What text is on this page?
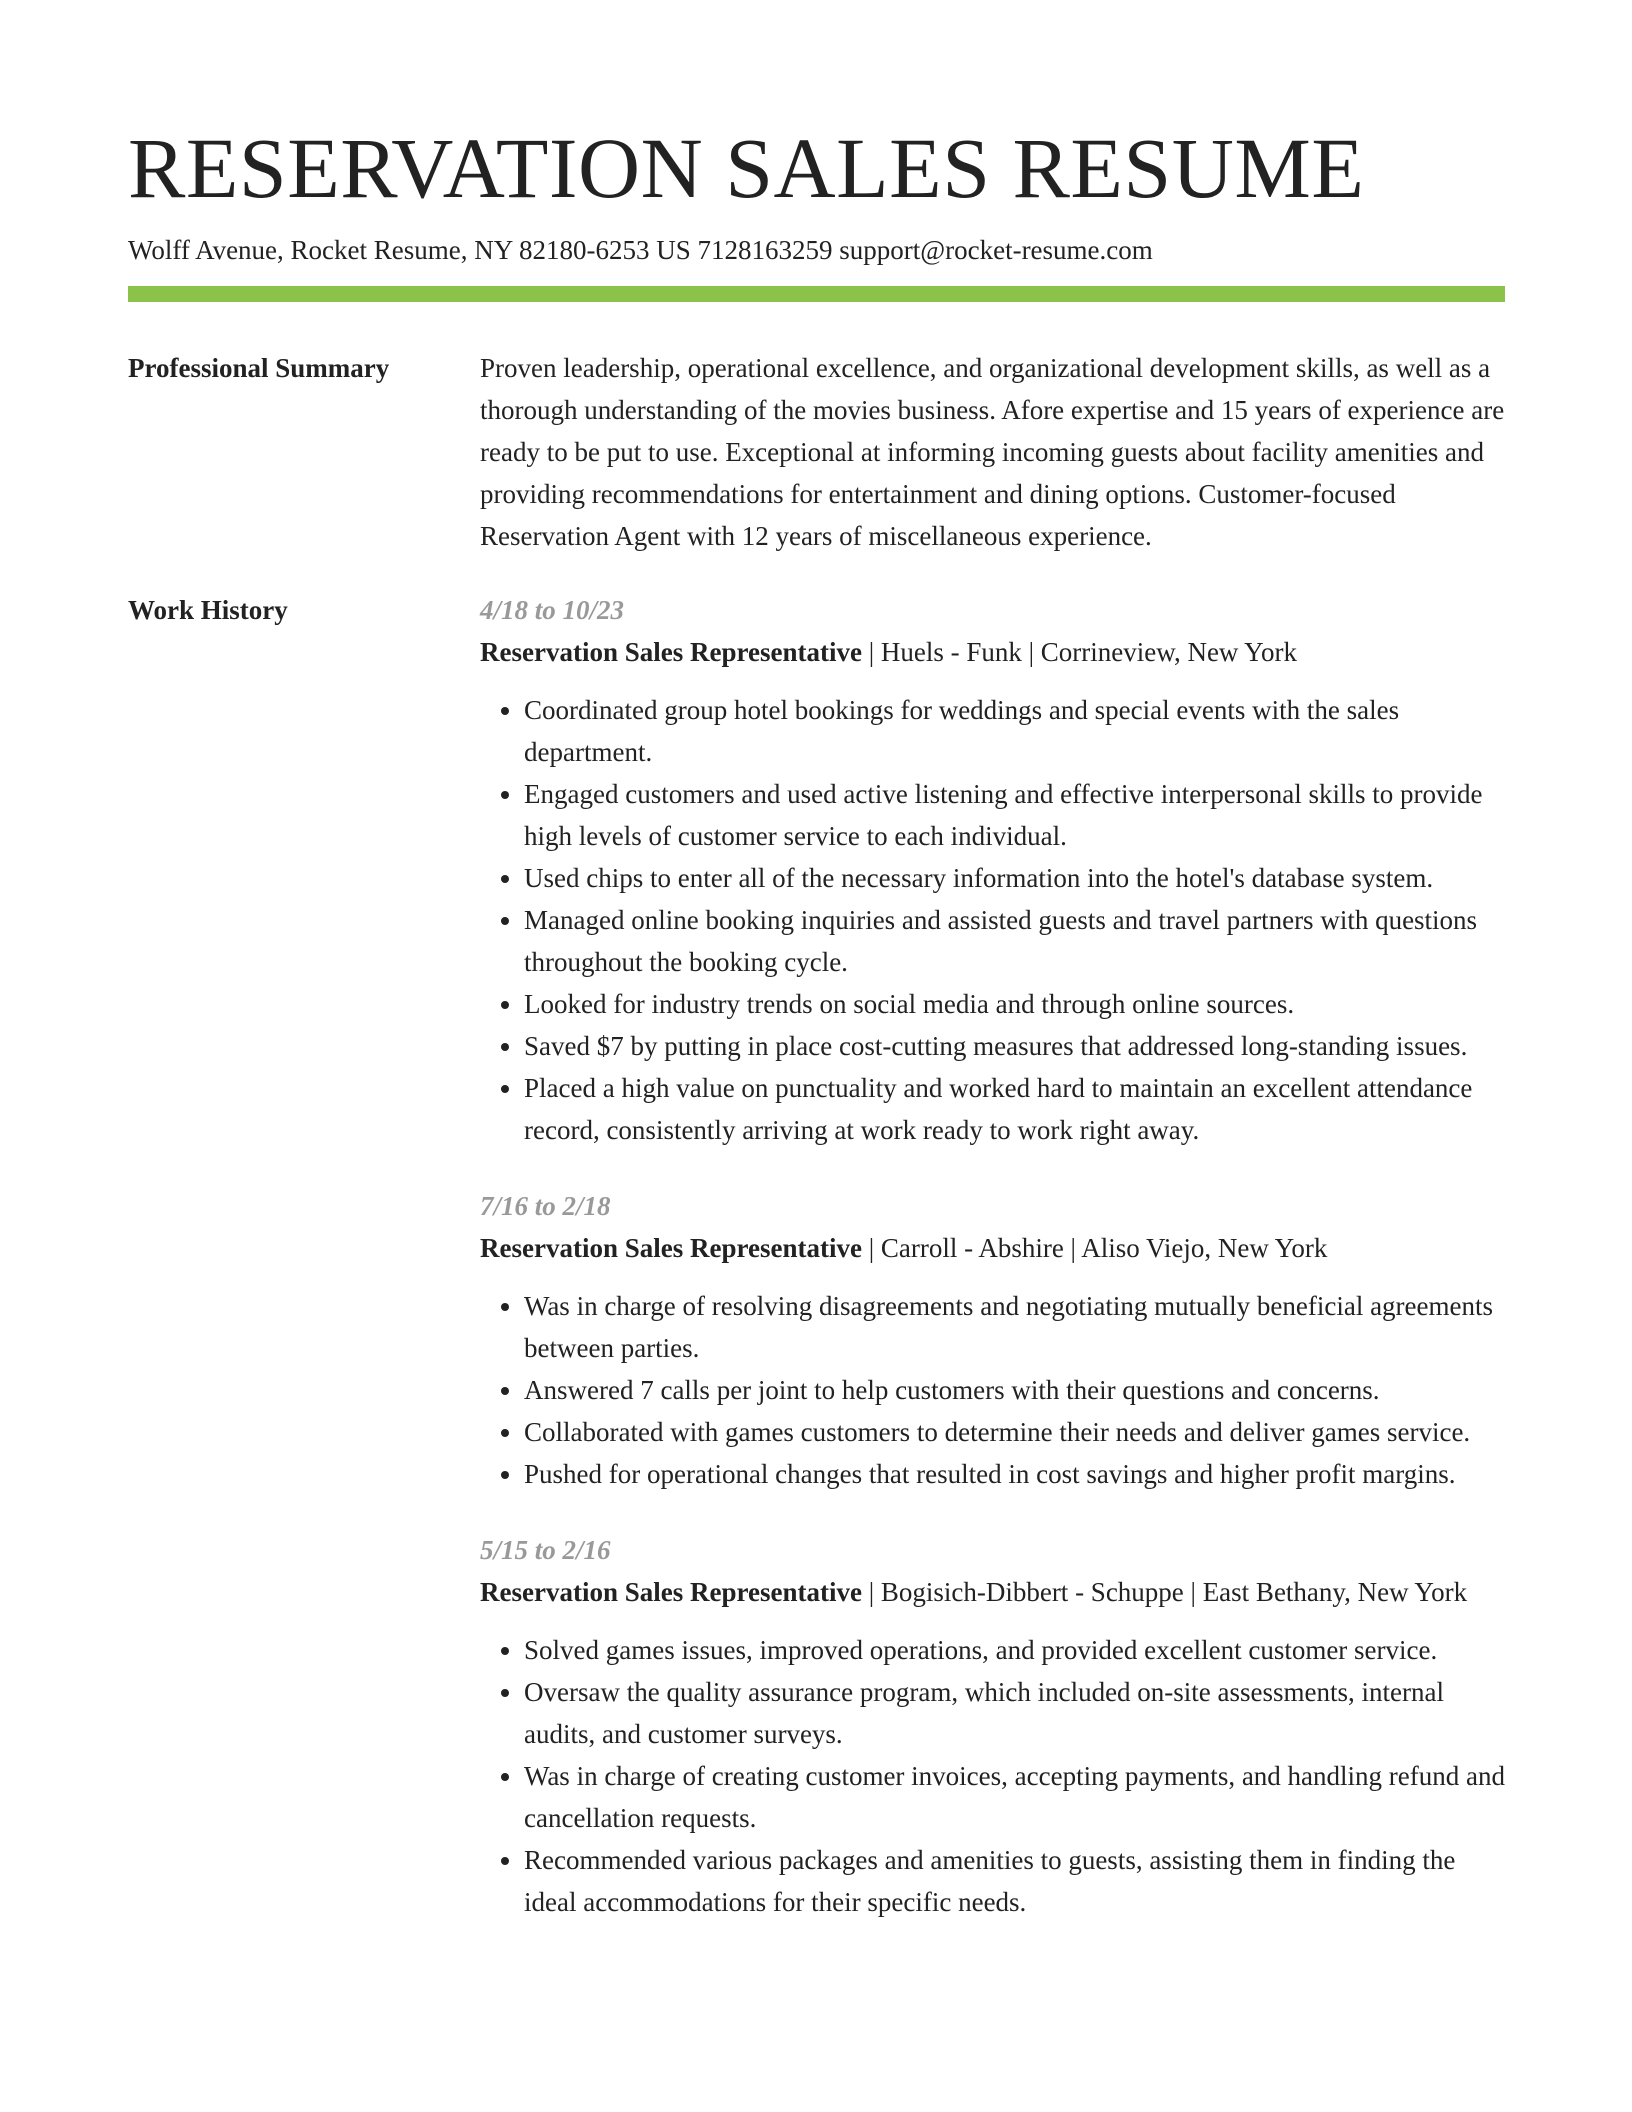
RESERVATION SALES RESUME
Wolff Avenue, Rocket Resume, NY 82180-6253 US 7128163259 support@rocket-resume.com
Professional Summary	Proven leadership, operational excellence, and organizational development skills, as well as a thorough understanding of the movies business. Afore expertise and 15 years of experience are ready to be put to use. Exceptional at informing incoming guests about facility amenities and providing recommendations for entertainment and dining options. Customer-focused Reservation Agent with 12 years of miscellaneous experience.

Work History	4/18 to 10/23
Reservation Sales Representative | Huels - Funk | Corrineview, New York
• Coordinated group hotel bookings for weddings and special events with the sales department.
• Engaged customers and used active listening and effective interpersonal skills to provide high levels of customer service to each individual.
• Used chips to enter all of the necessary information into the hotel's database system.
• Managed online booking inquiries and assisted guests and travel partners with questions throughout the booking cycle.
• Looked for industry trends on social media and through online sources.
• Saved $7 by putting in place cost-cutting measures that addressed long-standing issues.
• Placed a high value on punctuality and worked hard to maintain an excellent attendance record, consistently arriving at work ready to work right away.
7/16 to 2/18
Reservation Sales Representative | Carroll - Abshire | Aliso Viejo, New York
• Was in charge of resolving disagreements and negotiating mutually beneficial agreements between parties.
• Answered 7 calls per joint to help customers with their questions and concerns.
• Collaborated with games customers to determine their needs and deliver games service.
• Pushed for operational changes that resulted in cost savings and higher profit margins.
5/15 to 2/16
Reservation Sales Representative | Bogisich-Dibbert - Schuppe | East Bethany, New York
• Solved games issues, improved operations, and provided excellent customer service.
• Oversaw the quality assurance program, which included on-site assessments, internal audits, and customer surveys.
• Was in charge of creating customer invoices, accepting payments, and handling refund and cancellation requests.
• Recommended various packages and amenities to guests, assisting them in finding the ideal accommodations for their specific needs.
